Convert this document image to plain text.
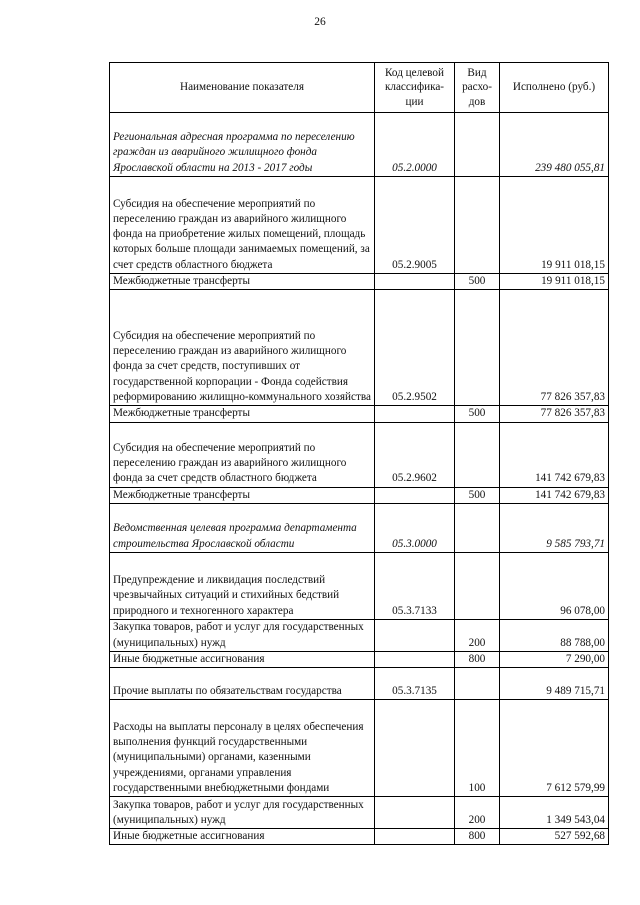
26
Наименование показателя	Код целевой классифика-ции	Вид расхо-дов	Исполнено (руб.)
Региональная адресная программа по переселению граждан из аварийного жилищного фонда Ярославской области на 2013 - 2017 годы	05.2.0000		239 480 055,81
Субсидия на обеспечение мероприятий по переселению граждан из аварийного жилищного фонда на приобретение жилых помещений, площадь которых больше площади занимаемых помещений, за счет средств областного бюджета	05.2.9005		19 911 018,15
Межбюджетные трансферты		500	19 911 018,15
Субсидия на обеспечение мероприятий по переселению граждан из аварийного жилищного фонда за счет средств, поступивших от государственной корпорации - Фонда содействия реформированию жилищно-коммунального хозяйства	05.2.9502		77 826 357,83
Межбюджетные трансферты		500	77 826 357,83
Субсидия на обеспечение мероприятий по переселению граждан из аварийного жилищного фонда за счет средств областного бюджета	05.2.9602		141 742 679,83
Межбюджетные трансферты		500	141 742 679,83
Ведомственная целевая программа департамента строительства Ярославской области	05.3.0000		9 585 793,71
Предупреждение и ликвидация последствий чрезвычайных ситуаций и стихийных бедствий природного и техногенного характера	05.3.7133		96 078,00
Закупка товаров, работ и услуг для государственных (муниципальных) нужд		200	88 788,00
Иные бюджетные ассигнования		800	7 290,00
Прочие выплаты по обязательствам государства	05.3.7135		9 489 715,71
Расходы на выплаты персоналу в целях обеспечения выполнения функций государственными (муниципальными) органами, казенными учреждениями, органами управления государственными внебюджетными фондами		100	7 612 579,99
Закупка товаров, работ и услуг для государственных (муниципальных) нужд		200	1 349 543,04
Иные бюджетные ассигнования		800	527 592,68
